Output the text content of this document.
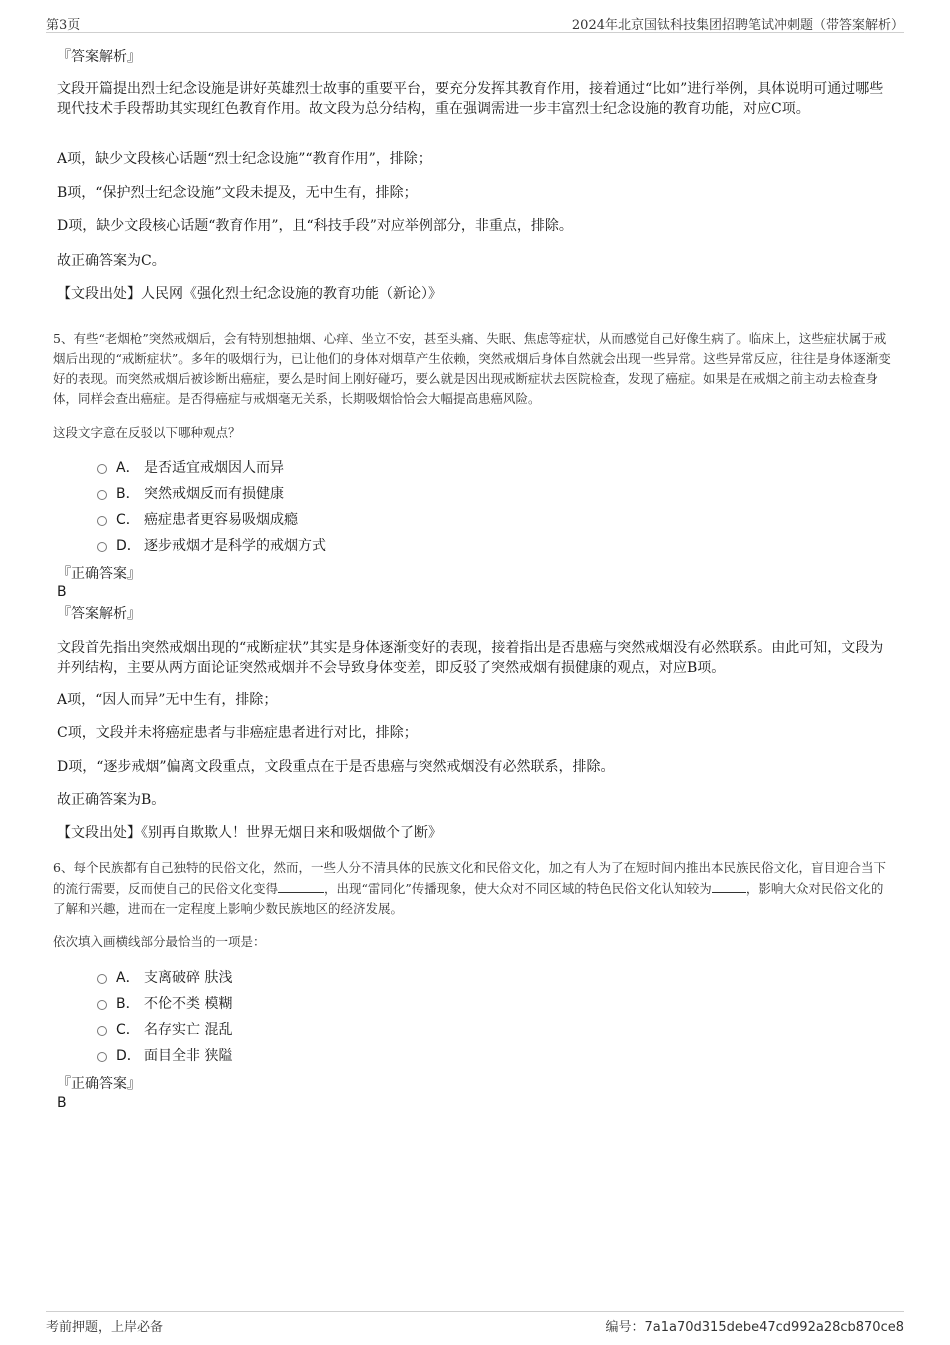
第3页	2024年北京国钛科技集团招聘笔试冲刺题（带答案解析）
『答案解析』
文段开篇提出烈士纪念设施是讲好英雄烈士故事的重要平台，要充分发挥其教育作用，接着通过“比如”进行举例，具体说明可通过哪些现代技术手段帮助其实现红色教育作用。故文段为总分结构，重在强调需进一步丰富烈士纪念设施的教育功能，对应C项。
A项，缺少文段核心话题“烈士纪念设施”“教育作用”，排除；
B项，“保护烈士纪念设施”文段未提及，无中生有，排除；
D项，缺少文段核心话题“教育作用”，且“科技手段”对应举例部分，非重点，排除。
故正确答案为C。
【文段出处】人民网《强化烈士纪念设施的教育功能（新论）》
5、有些“老烟枪”突然戒烟后，会有特别想抽烟、心痒、坐立不安，甚至头痛、失眠、焦虑等症状，从而感觉自己好像生病了。临床上，这些症状属于戒烟后出现的“戒断症状”。多年的吸烟行为，已让他们的身体对烟草产生依赖，突然戒烟后身体自然就会出现一些异常。这些异常反应，往往是身体逐渐变好的表现。而突然戒烟后被诊断出癌症，要么是时间上刚好碰巧，要么就是因出现戒断症状去医院检查，发现了癌症。如果是在戒烟之前主动去检查身体，同样会查出癌症。是否得癌症与戒烟毫无关系，长期吸烟恰恰会大幅提高患癌风险。
这段文字意在反驳以下哪种观点？
A． 是否适宜戒烟因人而异
B． 突然戒烟反而有损健康
C． 癌症患者更容易吸烟成瘾
D． 逐步戒烟才是科学的戒烟方式
『正确答案』
B
『答案解析』
文段首先指出突然戒烟出现的“戒断症状”其实是身体逐渐变好的表现，接着指出是否患癌与突然戒烟没有必然联系。由此可知，文段为并列结构，主要从两方面论证突然戒烟并不会导致身体变差，即反驳了突然戒烟有损健康的观点，对应B项。
A项，“因人而异”无中生有，排除；
C项，文段并未将癌症患者与非癌症患者进行对比，排除；
D项，“逐步戒烟”偏离文段重点，文段重点在于是否患癌与突然戒烟没有必然联系，排除。
故正确答案为B。
【文段出处】《别再自欺欺人！世界无烟日来和吸烟做个了断》
6、每个民族都有自己独特的民俗文化，然而，一些人分不清具体的民族文化和民俗文化，加之有人为了在短时间内推出本民族民俗文化，盲目迎合当下的流行需要，反而使自己的民俗文化变得	，出现“雷同化”传播现象，使大众对不同区域的特色民俗文化认知较为	，影响大众对民俗文化的了解和兴趣，进而在一定程度上影响少数民族地区的经济发展。
依次填入画横线部分最恰当的一项是：
A． 支离破碎 肤浅
B． 不伦不类 模糊
C． 名存实亡 混乱
D． 面目全非 狭隘
『正确答案』
B
考前押题，上岸必备	编号：7a1a70d315debe47cd992a28cb870ce8
